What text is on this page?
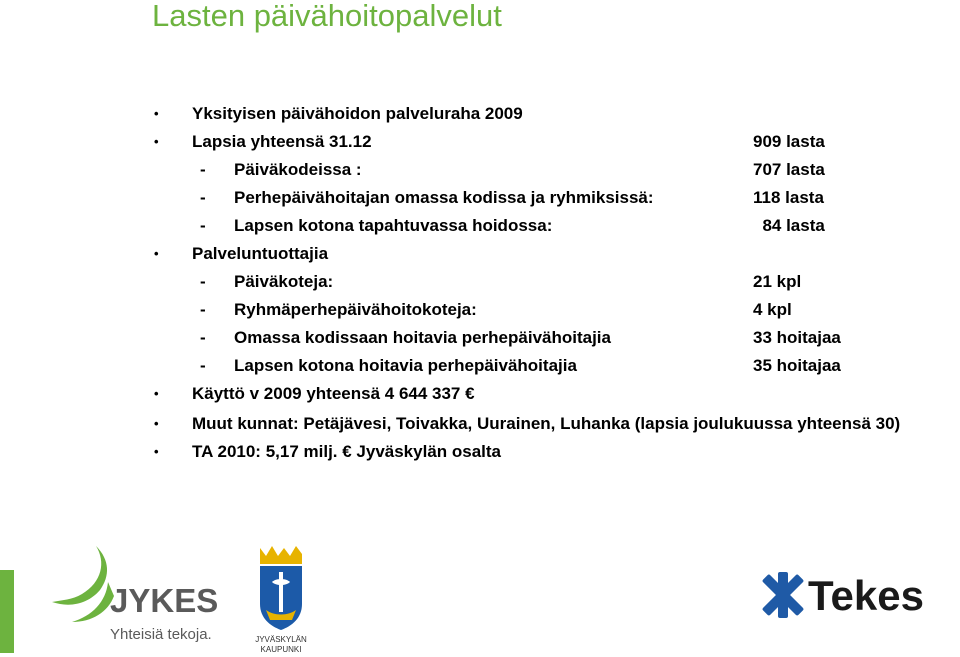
Lasten päivähoitopalvelut
•	Yksityisen päivähoidon palveluraha 2009
•	Lapsia yhteensä 31.12	909 lasta
- Päiväkodeissa :	707 lasta
- Perhepäivähoitajan omassa kodissa ja ryhmiksissä:	118 lasta
- Lapsen kotona tapahtuvassa hoidossa:	84 lasta
•	Palveluntuottajia
- Päiväkoteja:	21 kpl
- Ryhmäperhepäivähoitokoteja:	4 kpl
- Omassa kodissaan hoitavia perhepäivähoitajia	33 hoitajaa
- Lapsen kotona hoitavia perhepäivähoitajia	35 hoitajaa
•	Käyttö v 2009 yhteensä 4 644 337 €
•	Muut kunnat: Petäjävesi, Toivakka, Uurainen, Luhanka (lapsia joulukuussa yhteensä 30)
•	TA 2010: 5,17 milj. € Jyväskylän osalta
JYKES
Yhteisiä tekoja.	JYVÄSKYLÄN
KAUPUNKI
Tekes
